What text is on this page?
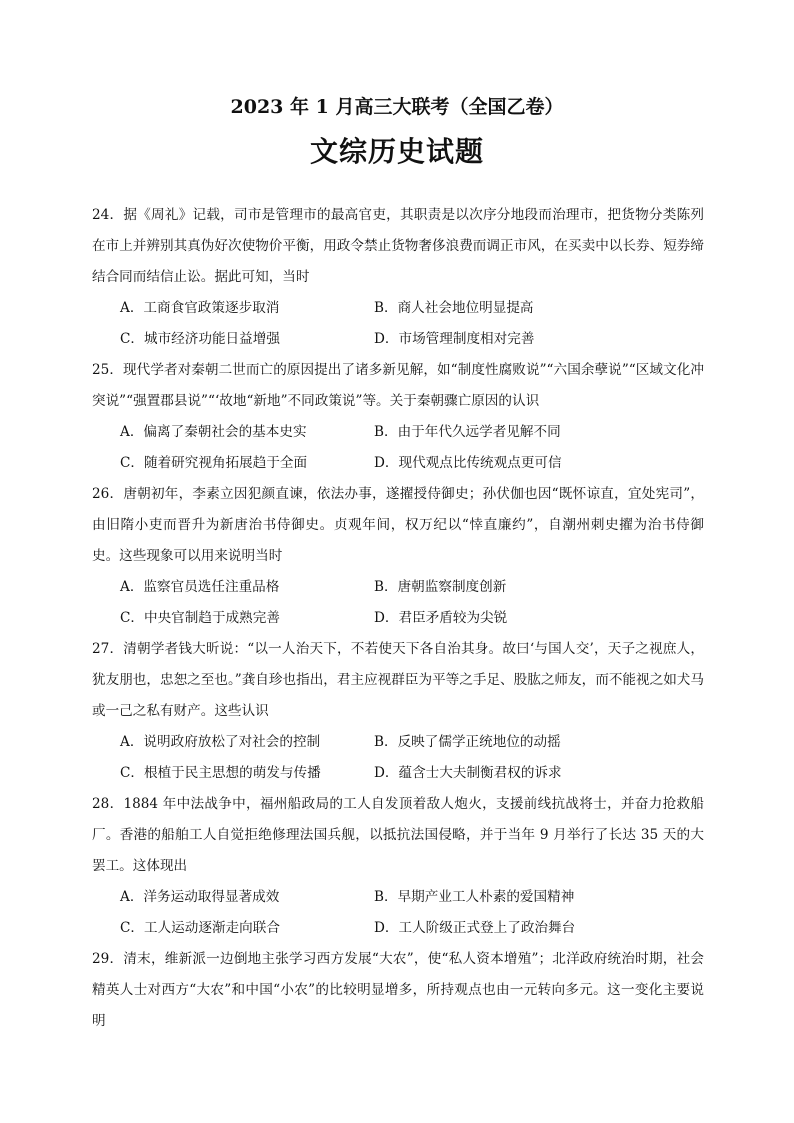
2023 年 1 月高三大联考（全国乙卷）
文综历史试题
24．据《周礼》记载，司市是管理市的最高官吏，其职责是以次序分地段而治理市，把货物分类陈列在市上并辨别其真伪好次使物价平衡，用政令禁止货物奢侈浪费而调正市风，在买卖中以长券、短券缔结合同而结信止讼。据此可知，当时
A．工商食官政策逐步取消	B．商人社会地位明显提高
C．城市经济功能日益增强	D．市场管理制度相对完善
25．现代学者对秦朝二世而亡的原因提出了诸多新见解，如“制度性腐败说”“六国余孽说”“区域文化冲突说”“强置郡县说”“‘故地“新地”不同政策说”等。关于秦朝骤亡原因的认识
A．偏离了秦朝社会的基本史实	B．由于年代久远学者见解不同
C．随着研究视角拓展趋于全面	D．现代观点比传统观点更可信
26．唐朝初年，李素立因犯颜直谏，依法办事，遂擢授侍御史；孙伏伽也因“既怀谅直，宜处宪司”，由旧隋小吏而晋升为新唐治书侍御史。贞观年间，权万纪以“悻直廉约”，自潮州刺史擢为治书侍御史。这些现象可以用来说明当时
A．监察官员选任注重品格	B．唐朝监察制度创新
C．中央官制趋于成熟完善	D．君臣矛盾较为尖锐
27．清朝学者钱大昕说：“以一人治天下，不若使天下各自治其身。故曰‘与国人交’，天子之视庶人，犹友朋也，忠恕之至也。”龚自珍也指出，君主应视群臣为平等之手足、股肱之师友，而不能视之如犬马或一己之私有财产。这些认识
A．说明政府放松了对社会的控制	B．反映了儒学正统地位的动摇
C．根植于民主思想的萌发与传播	D．蕴含士大夫制衡君权的诉求
28．1884 年中法战争中，福州船政局的工人自发顶着敌人炮火，支援前线抗战将士，并奋力抢救船厂。香港的船舶工人自觉拒绝修理法国兵舰，以抵抗法国侵略，并于当年 9 月举行了长达 35 天的大罢工。这体现出
A．洋务运动取得显著成效	B．早期产业工人朴素的爱国精神
C．工人运动逐渐走向联合	D．工人阶级正式登上了政治舞台
29．清末，维新派一边倒地主张学习西方发展“大农”，使“私人资本增殖”；北洋政府统治时期，社会精英人士对西方“大农”和中国“小农”的比较明显增多，所持观点也由一元转向多元。这一变化主要说明
